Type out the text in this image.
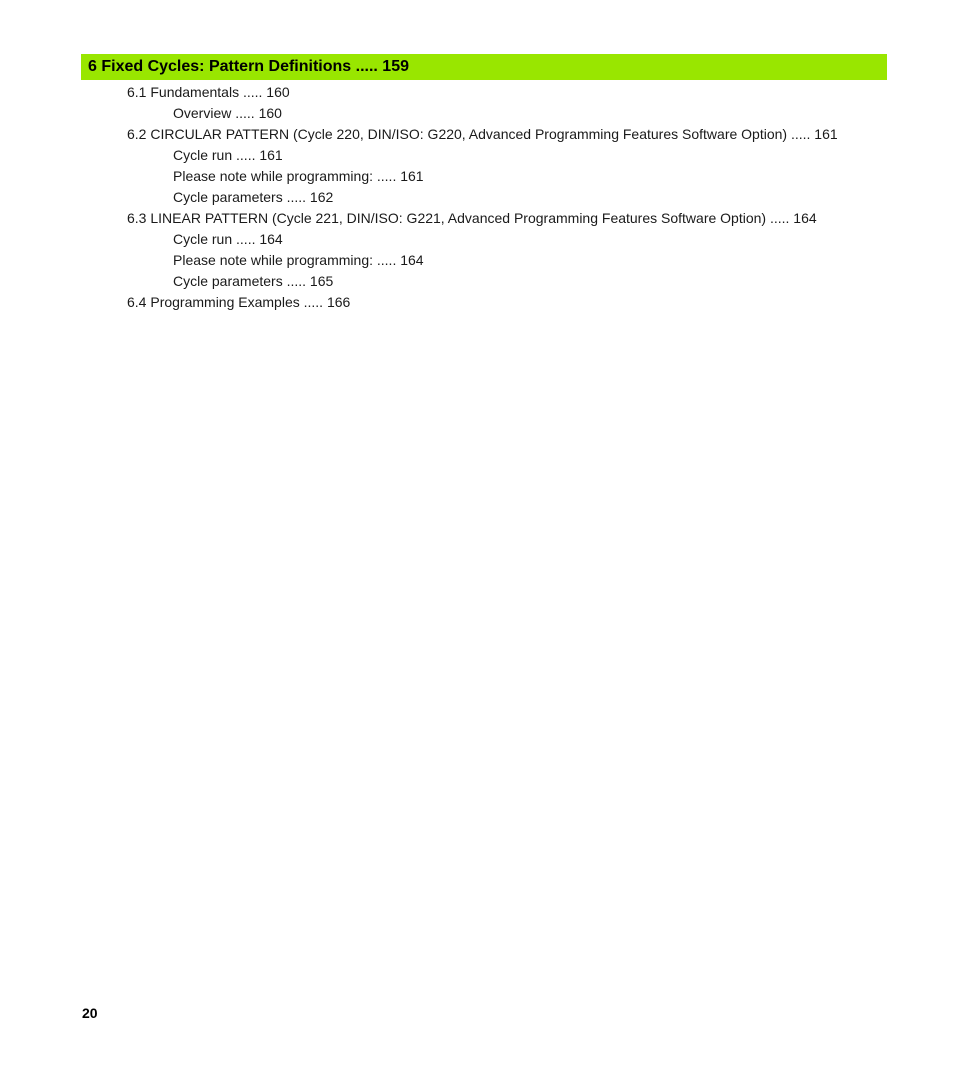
6 Fixed Cycles: Pattern Definitions ..... 159
6.1 Fundamentals ..... 160
Overview ..... 160
6.2 CIRCULAR PATTERN (Cycle 220, DIN/ISO: G220, Advanced Programming Features Software Option) ..... 161
Cycle run ..... 161
Please note while programming: ..... 161
Cycle parameters ..... 162
6.3 LINEAR PATTERN (Cycle 221, DIN/ISO: G221, Advanced Programming Features Software Option) ..... 164
Cycle run ..... 164
Please note while programming: ..... 164
Cycle parameters ..... 165
6.4 Programming Examples ..... 166
20
